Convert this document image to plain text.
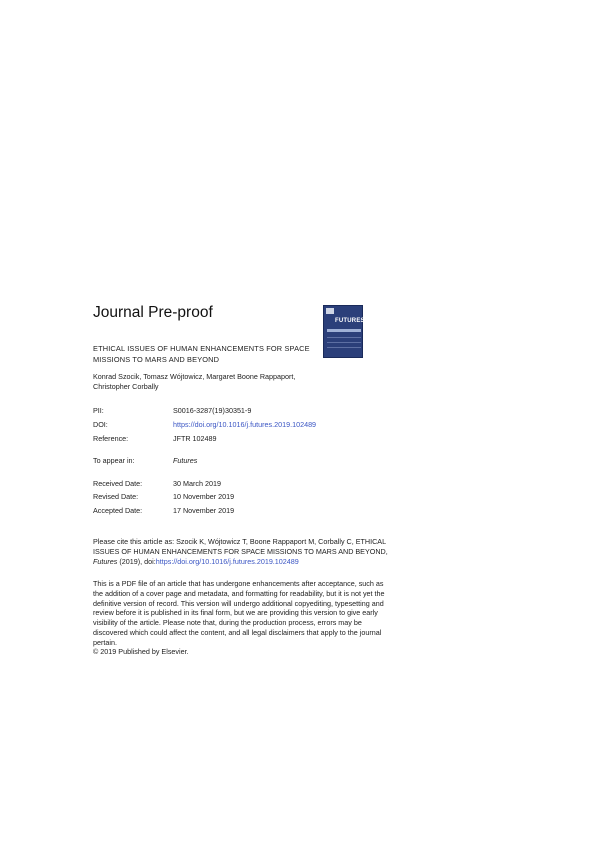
Journal Pre-proof	FUTURES
ETHICAL ISSUES OF HUMAN ENHANCEMENTS FOR SPACE
MISSIONS TO MARS AND BEYOND
Konrad Szocik, Tomasz Wójtowicz, Margaret Boone Rappaport,
Christopher Corbally
PII:	S0016-3287(19)30351-9
DOI:	https://doi.org/10.1016/j.futures.2019.102489
Reference:	JFTR 102489
To appear in:	Futures
Received Date:	30 March 2019
Revised Date:	10 November 2019
Accepted Date:	17 November 2019
Please cite this article as: Szocik K, Wójtowicz T, Boone Rappaport M, Corbally C, ETHICAL
ISSUES OF HUMAN ENHANCEMENTS FOR SPACE MISSIONS TO MARS AND BEYOND,
Futures (2019), doi:https://doi.org/10.1016/j.futures.2019.102489
This is a PDF file of an article that has undergone enhancements after acceptance, such as
the addition of a cover page and metadata, and formatting for readability, but it is not yet the
definitive version of record. This version will undergo additional copyediting, typesetting and
review before it is published in its final form, but we are providing this version to give early
visibility of the article. Please note that, during the production process, errors may be
discovered which could affect the content, and all legal disclaimers that apply to the journal
pertain.
© 2019 Published by Elsevier.
